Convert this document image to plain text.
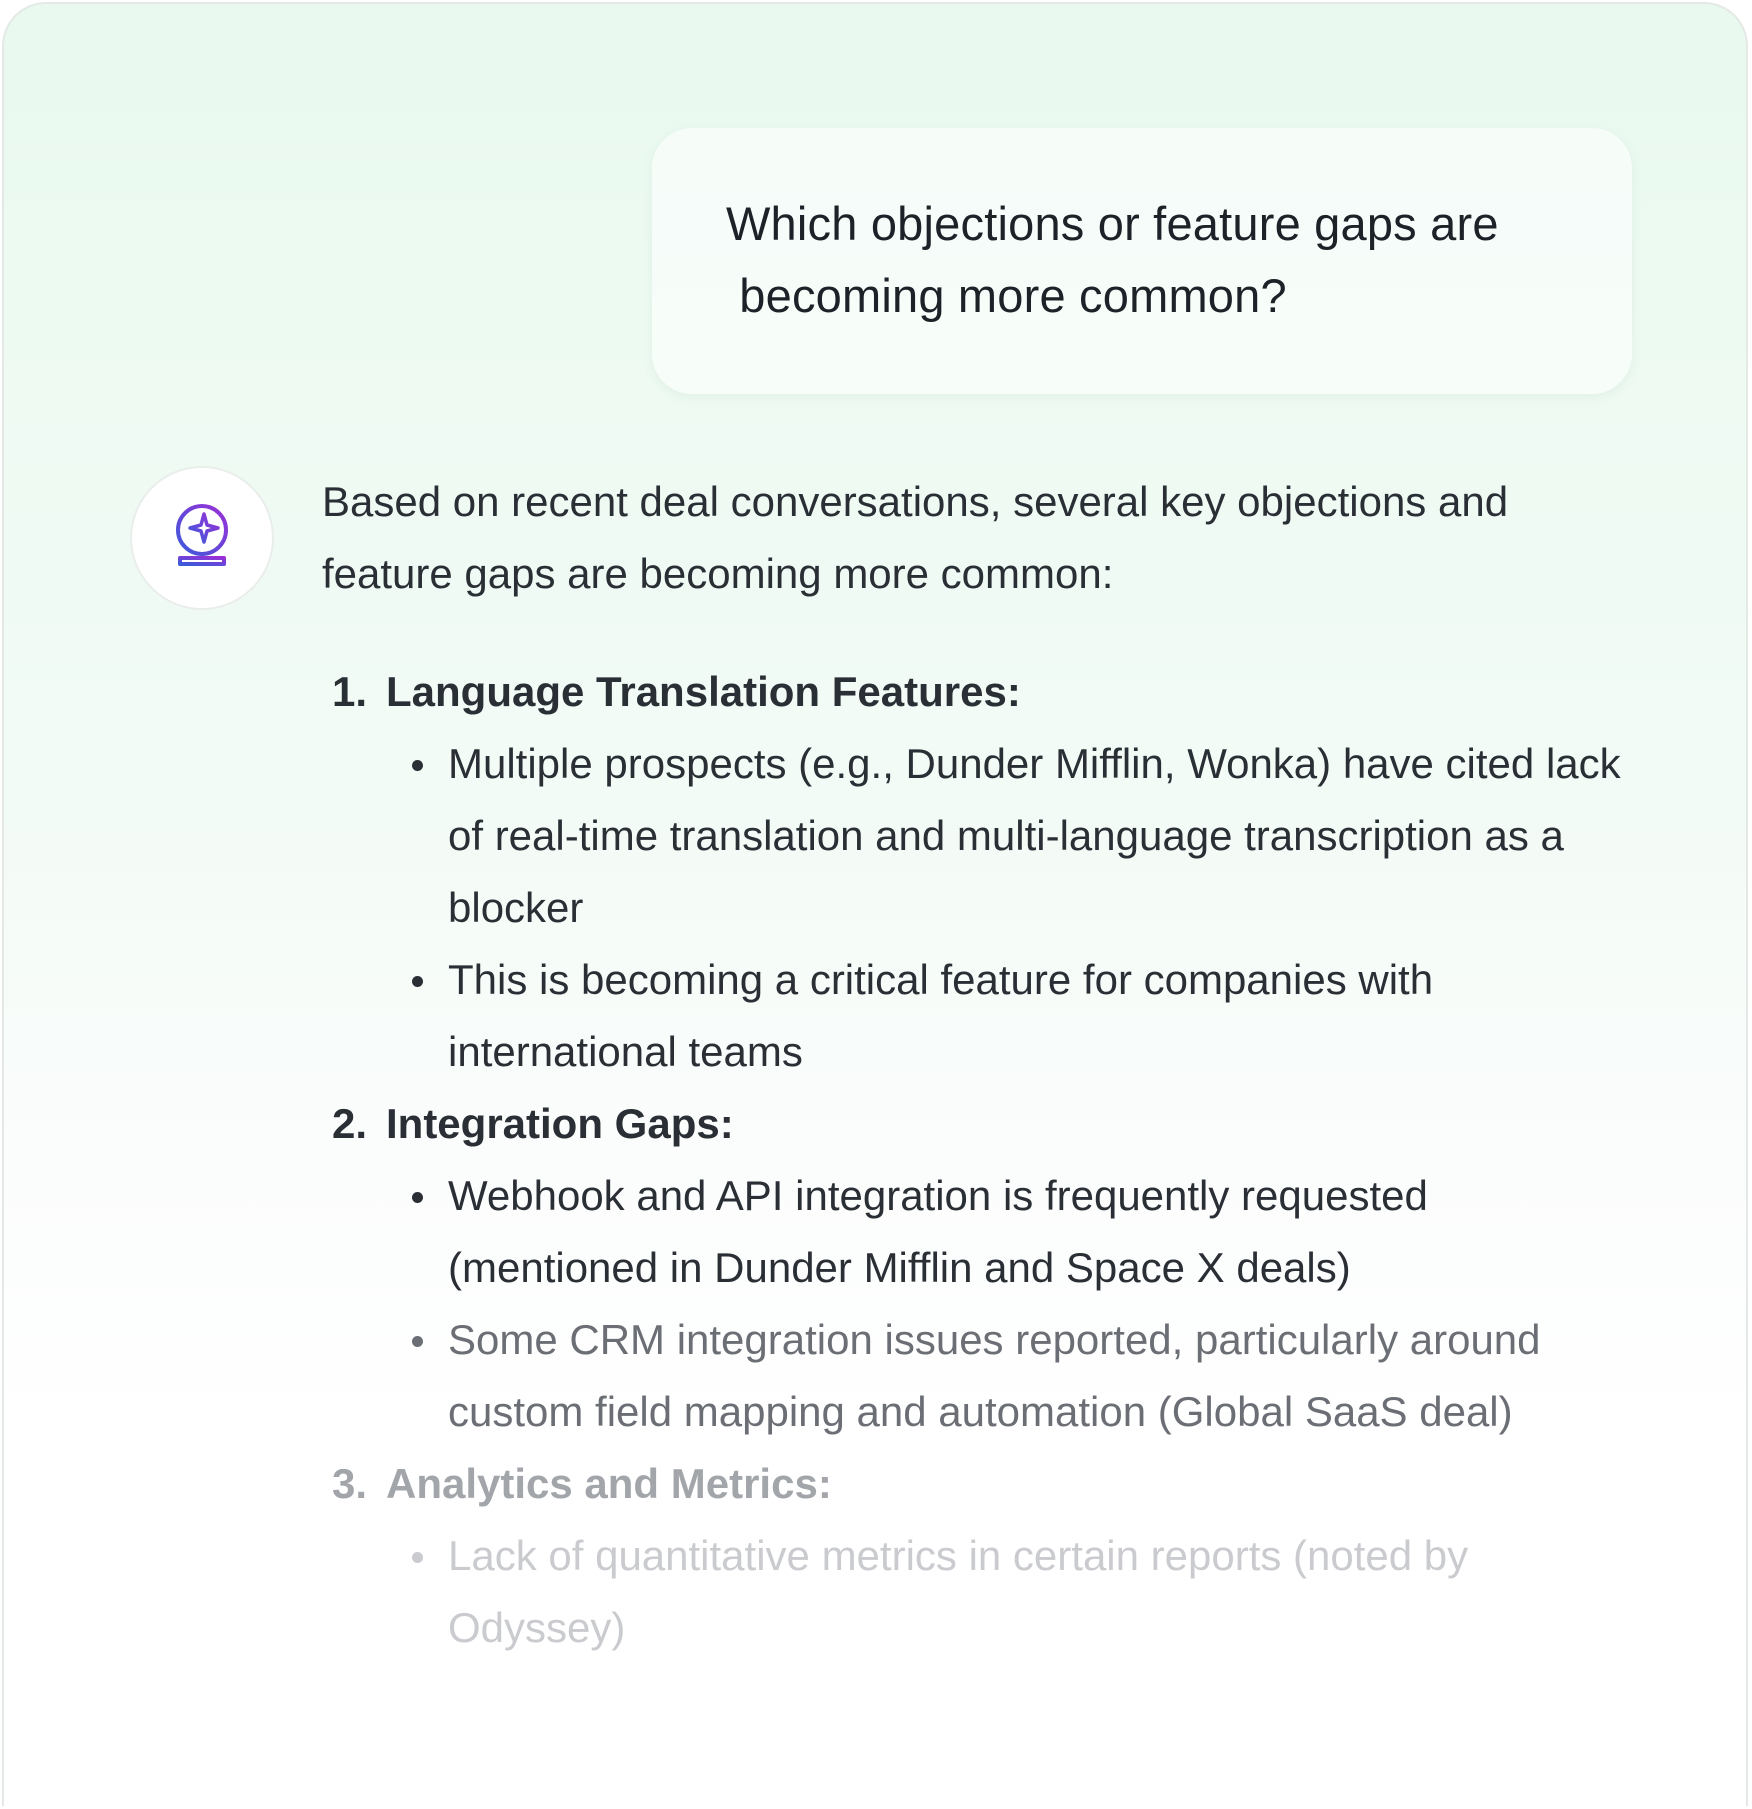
Which objections or feature gaps are
becoming more common?

Based on recent deal conversations, several key objections and feature gaps are becoming more common:

1. Language Translation Features:

Multiple prospects (e.g., Dunder Mifflin, Wonka) have cited lack of real-time translation and multi-language transcription as a blocker
This is becoming a critical feature for companies with international teams

2. Integration Gaps:

Webhook and API integration is frequently requested (mentioned in Dunder Mifflin and Space X deals)
Some CRM integration issues reported, particularly around custom field mapping and automation (Global SaaS deal)

3. Analytics and Metrics:

Lack of quantitative metrics in certain reports (noted by Odyssey)
